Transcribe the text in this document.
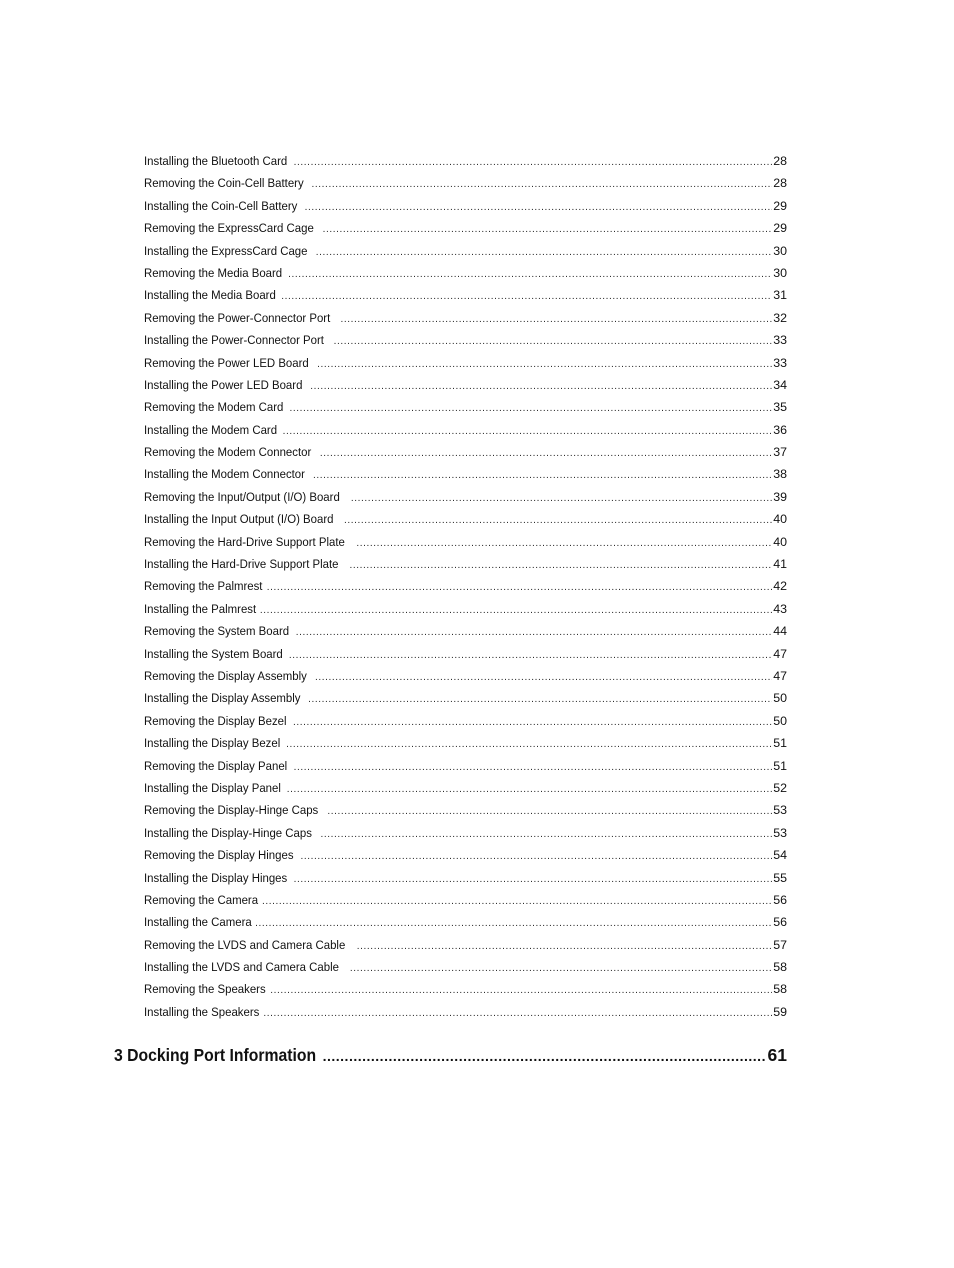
Installing the Bluetooth Card .....	28
Removing the Coin-Cell Battery .....	28
Installing the Coin-Cell Battery .....	29
Removing the ExpressCard Cage .....	29
Installing the ExpressCard Cage .....	30
Removing the Media Board .....	30
Installing the Media Board .....	31
Removing the Power-Connector Port .....	32
Installing the Power-Connector Port .....	33
Removing the Power LED Board .....	33
Installing the Power LED Board .....	34
Removing the Modem Card .....	35
Installing the Modem Card .....	36
Removing the Modem Connector .....	37
Installing the Modem Connector .....	38
Removing the Input/Output (I/O) Board .....	39
Installing the Input Output (I/O) Board .....	40
Removing the Hard-Drive Support Plate .....	40
Installing the Hard-Drive Support Plate .....	41
Removing the Palmrest .....	42
Installing the Palmrest .....	43
Removing the System Board .....	44
Installing the System Board .....	47
Removing the Display Assembly .....	47
Installing the Display Assembly .....	50
Removing the Display Bezel .....	50
Installing the Display Bezel .....	51
Removing the Display Panel .....	51
Installing the Display Panel .....	52
Removing the Display-Hinge Caps .....	53
Installing the Display-Hinge Caps .....	53
Removing the Display Hinges .....	54
Installing the Display Hinges .....	55
Removing the Camera .....	56
Installing the Camera .....	56
Removing the LVDS and Camera Cable .....	57
Installing the LVDS and Camera Cable .....	58
Removing the Speakers .....	58
Installing the Speakers .....	59
3 Docking Port Information .....	61
